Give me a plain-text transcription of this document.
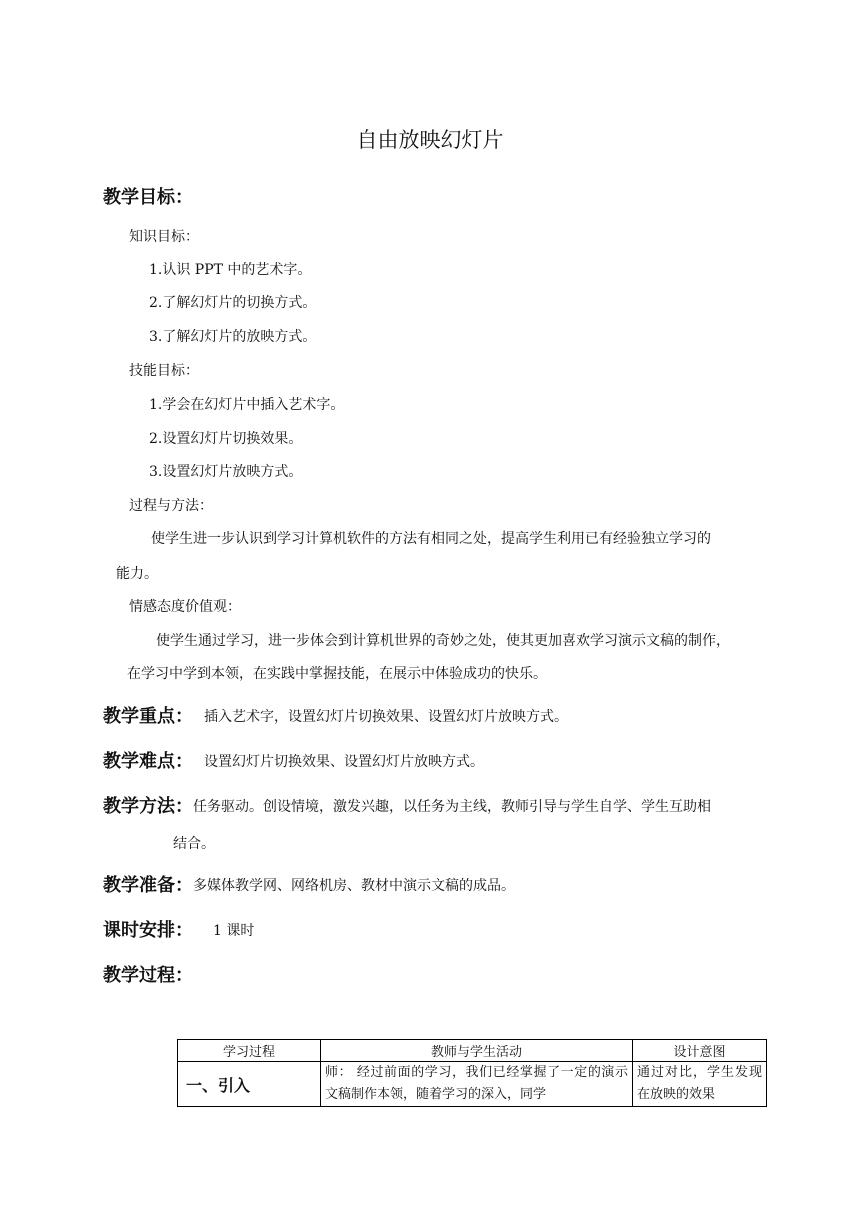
自由放映幻灯片
教学目标：
知识目标：
1.认识 PPT 中的艺术字。
2.了解幻灯片的切换方式。
3.了解幻灯片的放映方式。
技能目标：
1.学会在幻灯片中插入艺术字。
2.设置幻灯片切换效果。
3.设置幻灯片放映方式。
过程与方法：
使学生进一步认识到学习计算机软件的方法有相同之处，提高学生利用已有经验独立学习的
能力。
情感态度价值观：
使学生通过学习，进一步体会到计算机世界的奇妙之处，使其更加喜欢学习演示文稿的制作，
在学习中学到本领，在实践中掌握技能，在展示中体验成功的快乐。
教学重点： 插入艺术字，设置幻灯片切换效果、设置幻灯片放映方式。
教学难点： 设置幻灯片切换效果、设置幻灯片放映方式。
教学方法： 任务驱动。创设情境，激发兴趣，以任务为主线，教师引导与学生自学、学生互助相
结合。
教学准备： 多媒体教学网、网络机房、教材中演示文稿的成品。
课时安排： 1 课时
教学过程：
学习过程	教师与学生活动	设计意图
一、引入	师： 经过前面的学习，我们已经掌握了一定的演示文稿制作本领，随着学习的深入，同学	通过对比，学生发现在放映的效果
